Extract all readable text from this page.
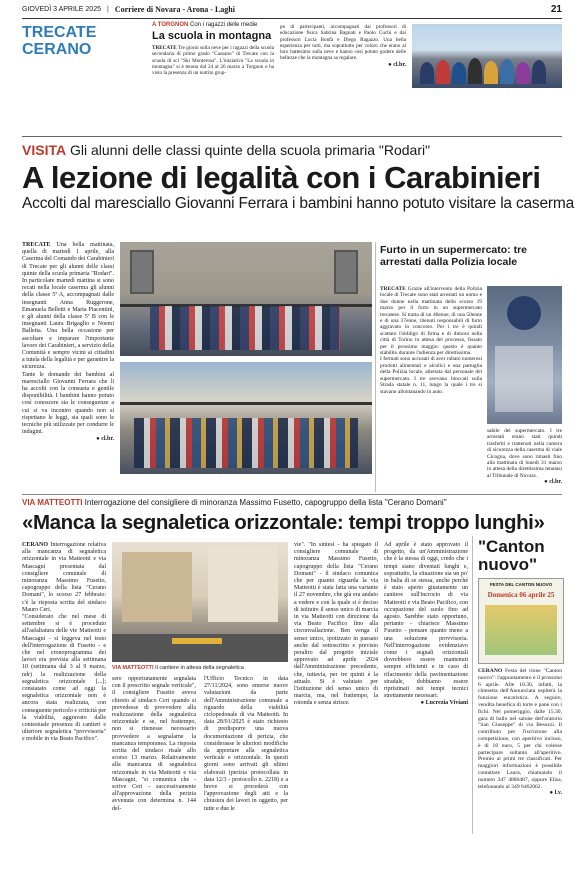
GIOVEDÌ 3 APRILE 2025 | Corriere di Novara - Arona - Laghi	21
TRECATE
CERANO
A TORGNON Con i ragazzi delle medie
La scuola in montagna
TRECATE Tre giorni sulla neve per i ragazzi della scuola secondaria di primo grado "Cassano" di Trecate con la scuola di sci "Ski Monterosa". L'iniziativa "La scuola in montagna" si è tenuta dal 24 al 26 marzo a Torgnon e ha visto la presenza di un nutrito grup-
po di partecipanti, accompagnati dai professori di educazione fisica Sabrina Bagnati e Paolo Cuchi e dai professori Lucia Bonfà e Diego Ragazzo. Una bella esperienza per tutti, ma soprattutto per coloro che erano al loro battesimo sulla neve e hanno così potuto godere delle bellezze che la montagna sa regalare.
● cl.br.
VISITA Gli alunni delle classi quinte della scuola primaria "Rodari"
A lezione di legalità con i Carabinieri
Accolti dal maresciallo Giovanni Ferrara i bambini hanno potuto visitare la caserma
TRECATE Una bella mattinata, quella di martedì 1 aprile, alla Caserma del Comando dei Carabinieri di Trecate per gli alunni delle classi quinte della scuola primaria "Rodari". In particolare martedì mattina si sono recati nella locale caserma gli alunni della classe 5ª A, accompagnati dalle insegnanti Anna Ruggerone, Emanuela Belletti e Marta Piacentini, e gli alunni della classe 5ª B con le insegnanti Laura Brigaglio e Noemi Balletta. Una bella occasione per ascoltare e imparare l'importante lavoro dei Carabinieri, a servizio della Comunità e sempre vicini ai cittadini a tutela della legalità e per garantire la sicurezza.
Tante le domande dei bambini al maresciallo Giovanni Ferrara che li ha accolti con la consueta e gentile disponibilità. I bambini hanno potuto così conoscere sia le conseguenze a cui si va incontro quando non si rispettano le leggi, sia quali sono le tecniche più utilizzate per condurre le indagini.
● cl.br.
Furto in un supermercato: tre arrestati dalla Polizia locale
TRECATE Grazie all'intervento della Polizia locale di Trecate sono stati arrestati un uomo e due donne nella mattinata dello scorso 19 marzo per il furto in un supermercato trecatese. Si tratta di un 46enne, di una 50enne e di una 37enne, ritenuti responsabili di furto aggravato in concorso. Per i tre è quindi scattato l'obbligo di firma e di dimora nella città di Torino in attesa del processo, fissato per il prossimo maggio: questo è quanto stabilito durante l'udienza per direttissima.
I fermati sono accusati di aver rubato numerosi prodotti alimentari e alcolici e una pattuglia della Polizia locale, allertata dal personale del supermercato. I tre avevano bloccati sulla Strada statale n. 11, lungo la quale i tre si stavano allontanando in auto.
sabile del supermercato. I tre arrestati erano stati quindi trasferiti e trattenuti nella camera di sicurezza della caserma di viale Cicogna, dove sono rimasti fino alla mattinata di lunedì 31 marzo in attesa della direttissima tenutasi al Tribunale di Novara.
● cl.br.
VIA MATTEOTTI Interrogazione del consigliere di minoranza Massimo Fusetto, capogruppo della lista "Cerano Domani"
«Manca la segnaletica orizzontale: tempi troppo lunghi»
CERANO Interrogazione relativa alla mancanza di segnaletica orizzontale in via Matteotti e via Mascagni presentata dal consigliere comunale di minoranza Massimo Fusetto, capogruppo della lista "Cerano Domani", lo scorso 27 febbraio: c'è la risposta scritta del sindaco Mauro Ceri.
"Considerato che nel mese di settembre si è proceduto all'asfaltatura delle vie Matteotti e Mascagni - si leggeva nel testo dell'interrogazione di Fusetto - e che nel cronoprogramma dei lavori era prevista alla settimana 10 (settimana dal 3 al 9 marzo, ndr) la realizzazione della segnaletica orizzontale [...]; constatato come ad oggi la segnaletica orizzontale non è ancora stata realizzata, con conseguente pericolo e criticità per la viabilità, aggravato dalle contestuale presenza di cantieri e ulteriore segnaletica "provvisoria" e mobile in via Beato Pacifico".
VIA MATTEOTTI Il cantiere in attesa della segnaletica
sere opportunamente segnalata con il prescritto segnale verticale", il consigliere Fusetto aveva chiesto al sindaco Ceri quando si prevedesse di provvedere alla realizzazione della segnaletica orizzontale e se, nel frattempo, non si ritenesse necessario provvedere a segnalarne la mancanza temporanea. La risposta scritta del sindaco risale allo scorso 13 marzo. Relativamente alla mancanza di segnaletica orizzontale in via Matteotti e via Mascagni, "si comunica che - scrive Ceri - successivamente all'approvazione della perizia avvenuta con determina n. 144 del-
l'Ufficio Tecnico in data 27/11/2024, sono emerse nuove valutazioni da parte dell'Amministrazione comunale a riguardo della viabilità ciclopedonale di via Matteotti. In data 28/01/2025 è stato richiesto di predisporre una nuova documentazione di perizia, che considerasse le ulteriori modifiche da apportare alla segnaletica verticale e orizzontale. In questi giorni sono arrivati gli ultimi elaborati (perizia protocollata in data 12/3 - protocollo n. 2218) e a breve si procederà con l'approvazione degli atti e la chiusura dei lavori in oggetto, per tutte e due le
vie". "In sintesi - ha spiegato il consigliere comunale di minoranza Massimo Fusetto, capogruppo della lista "Cerano Domani" - il sindaco comunica che per quanto riguarda la via Matteotti è stata fatta una variante il 27 novembre, che già era andato a vedere e con la quale si è deciso di istituire il senso unico di marcia in via Matteotti con direzione da via Beato Pacifico fino alla circonvallazione. Ben venga il senso unico, ipotizzato in passato anche dal sottoscritto e previsto peraltro dal progetto iniziale approvato ad aprile 2024 dall'Amministrazione precedente, che, tuttavia, per tre quinti è la attuale. Si è valutato per l'istituzione del senso unico di marcia, ma, nel frattempo, la rotonda e senza strisce.
Ad aprile è stato approvato il progetto, da un'Amministrazione che è la stessa di oggi, credo che i tempi siano diventati lunghi e, soprattutto, la situazione sia un po' in balia di se stessa, anche perché è stato aperto giustamente un cantiere sull'incrocio di via Matteotti e via Beato Pacifico, con occupazione del suolo fino ad agosto. Sarebbe stato opportuno, pertanto - chiarisce Massimo Fusetto - pensare quanto meno a una soluzione provvisoria. Nell'interrogazione evidenziavo come i segnali orizzontali dovrebbero essere mantenuti sempre efficienti e in caso di rifacimento della pavimentazione stradale, dobbiamo essere ripristinati nei tempi tecnici strettamente necessari.
● Lucrezia Viviani
"Canton nuovo"
FESTA DEL CANTON NUOVO
Domenica 06 aprile 25
CERANO Festa del rione "Canton nuovo": l'appuntamento è il prossimo 6 aprile. Alle 10.30, infatti, la chiesetta dell'Annunciata ospiterà la funzione eucaristica. A seguire, vendita benefica di torte e pane con i fichi. Nel pomeriggio, dalle 15.30, gara di ballo nel salone dell'oratorio "San Giuseppe" di via Besozzi. Il contributo per l'iscrizione alla competizione, con aperitivo incluso, è di 10 euro, 5 per chi volesse partecipare soltanto all'aperitivo. Premio ai primi tre classificati. Per maggiori informazioni è possibile contattare Laura, chiamando il numero 347 4886487, oppure Elisa, telefonando al 349 6462062.
● l.v.
